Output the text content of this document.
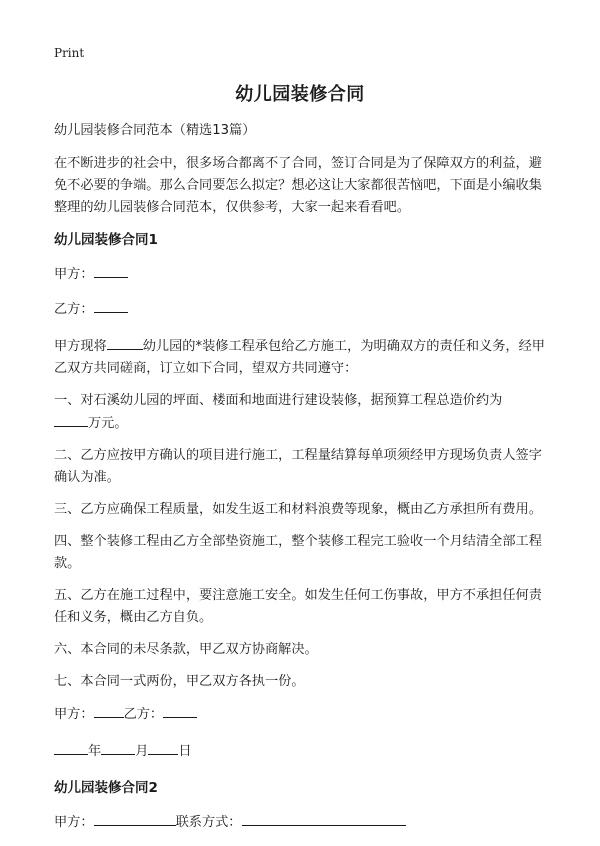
Print
幼儿园装修合同

幼儿园装修合同范本（精选13篇）

在不断进步的社会中，很多场合都离不了合同，签订合同是为了保障双方的利益，避免不必要的争端。那么合同要怎么拟定？想必这让大家都很苦恼吧，下面是小编收集整理的幼儿园装修合同范本，仅供参考，大家一起来看看吧。

幼儿园装修合同1

甲方：

乙方：

甲方现将	幼儿园的*装修工程承包给乙方施工，为明确双方的责任和义务，经甲乙双方共同磋商，订立如下合同，望双方共同遵守：

一、对石溪幼儿园的坪面、楼面和地面进行建设装修，据预算工程总造价约为
万元。

二、乙方应按甲方确认的项目进行施工，工程量结算每单项须经甲方现场负责人签字确认为准。

三、乙方应确保工程质量，如发生返工和材料浪费等现象，概由乙方承担所有费用。

四、整个装修工程由乙方全部垫资施工，整个装修工程完工验收一个月结清全部工程款。

五、乙方在施工过程中，要注意施工安全。如发生任何工伤事故，甲方不承担任何责任和义务，概由乙方自负。

六、本合同的未尽条款，甲乙双方协商解决。

七、本合同一式两份，甲乙双方各执一份。

甲方： 乙方：

年	月 日

幼儿园装修合同2

甲方：	联系方式：
